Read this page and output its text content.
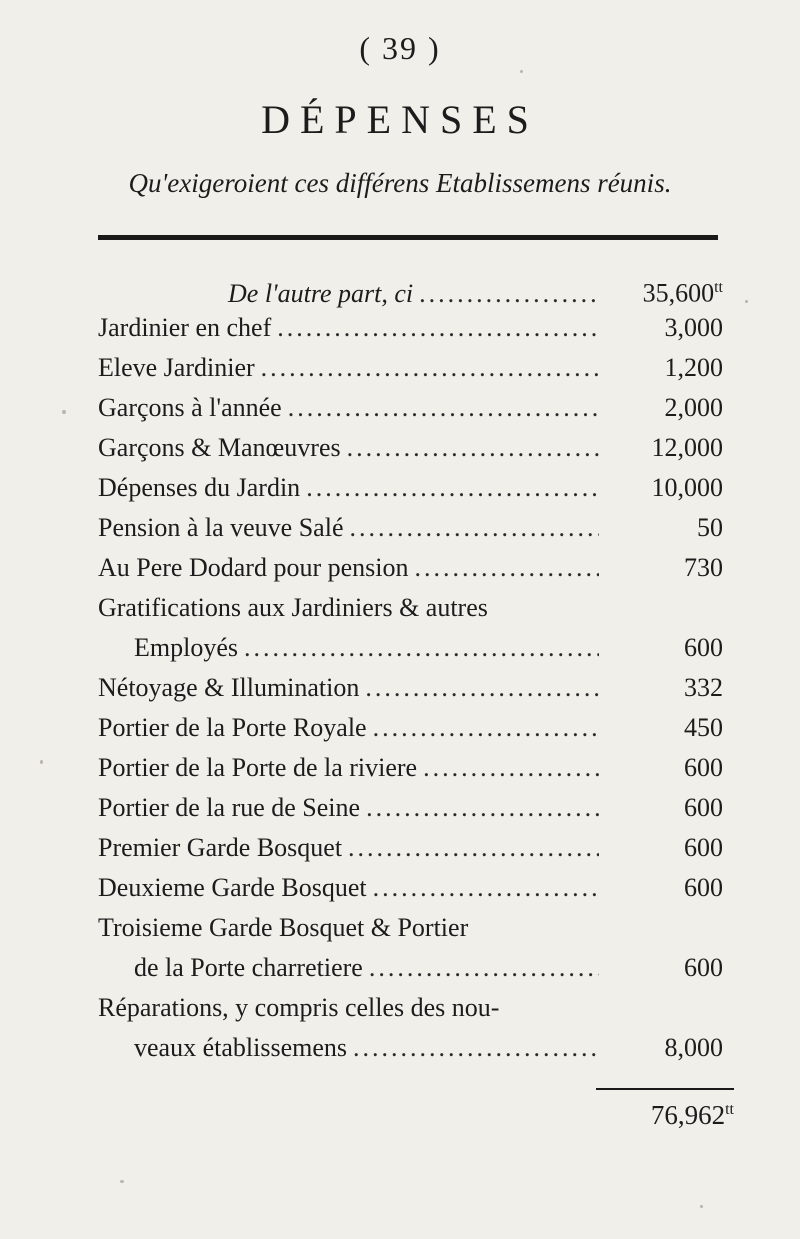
( 39 )
DÉPENSES
Qu'exigeroient ces différens Etablissemens réunis.
De l'autre part, ci .....	$35,600^{tt}$
Jardinier en chef .....	3,000
Eleve Jardinier .....	1,200
Garçons à l'année .....	2,000
Garçons & Manœuvres .....	12,000
Dépenses du Jardin .....	10,000
Pension à la veuve Salé .....	50
Au Pere Dodard pour pension .....	730
Gratifications aux Jardiniers & autres
Employés .....	600
Nétoyage & Illumination .....	332
Portier de la Porte Royale .....	450
Portier de la Porte de la riviere .....	600
Portier de la rue de Seine .....	600
Premier Garde Bosquet .....	600
Deuxieme Garde Bosquet .....	600
Troisieme Garde Bosquet & Portier
de la Porte charretiere .....	600
Réparations, y compris celles des nou-
veaux établissemens .....	8,000
$76,962^{tt}$
